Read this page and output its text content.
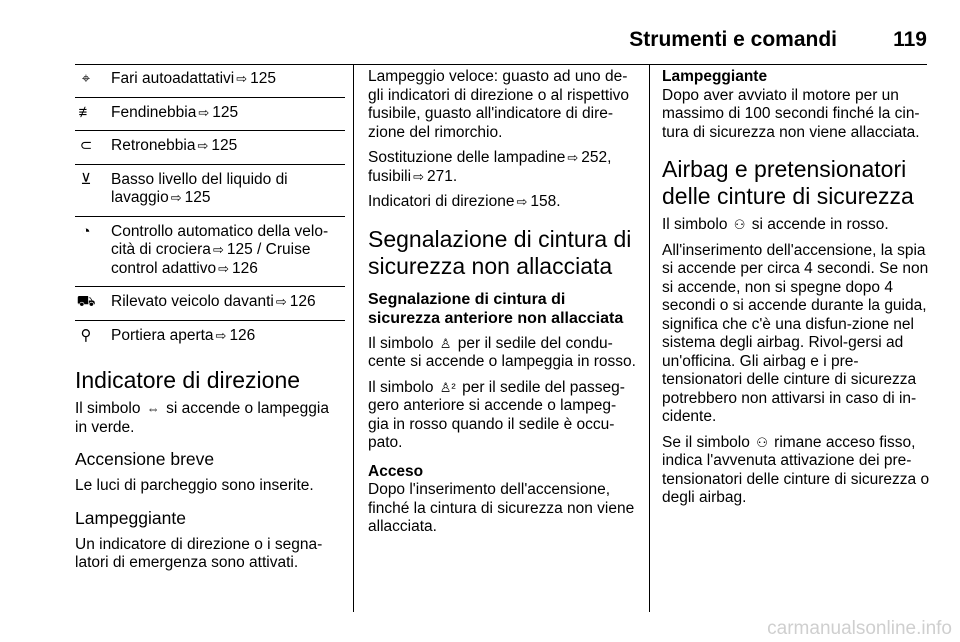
Strumenti e comandi	119
⌖	Fari autoadattativi ⇨ 125
≢ Fendinebbia ⇨ 125
⊂	Retronebbia ⇨ 125
⊻	Basso livello del liquido di lavaggio ⇨ 125
◔	Controllo automatico della velo-cità di crociera ⇨ 125 / Cruise control adattivo ⇨ 126
⛟ Rilevato veicolo davanti ⇨ 126
⚲	Portiera aperta ⇨ 126
Indicatore di direzione

Il simbolo ⇔ si accende o lampeggia in verde.

Accensione breve

Le luci di parcheggio sono inserite.

Lampeggiante

Un indicatore di direzione o i segna-latori di emergenza sono attivati.

Lampeggio veloce: guasto ad uno de-gli indicatori di direzione o al rispettivo fusibile, guasto all'indicatore di dire-zione del rimorchio.

Sostituzione delle lampadine ⇨ 252, fusibili ⇨ 271.

Indicatori di direzione ⇨ 158.

Segnalazione di cintura di sicurezza non allacciata
Segnalazione di cintura di sicurezza anteriore non allacciata

Il simbolo ♙ per il sedile del condu-cente si accende o lampeggia in rosso.

Il simbolo ♙² per il sedile del passeg-gero anteriore si accende o lampeg-gia in rosso quando il sedile è occu-pato.

Acceso

Dopo l'inserimento dell'accensione, finché la cintura di sicurezza non viene allacciata.

Lampeggiante

Dopo aver avviato il motore per un massimo di 100 secondi finché la cin-tura di sicurezza non viene allacciata.

Airbag e pretensionatori delle cinture di sicurezza

Il simbolo ⚇ si accende in rosso.

All'inserimento dell'accensione, la spia si accende per circa 4 secondi. Se non si accende, non si spegne dopo 4 secondi o si accende durante la guida, significa che c'è una disfun-zione nel sistema degli airbag. Rivol-gersi ad un'officina. Gli airbag e i pre-tensionatori delle cinture di sicurezza potrebbero non attivarsi in caso di in-cidente.

Se il simbolo ⚇ rimane acceso fisso, indica l'avvenuta attivazione dei pre-tensionatori delle cinture di sicurezza o degli airbag.

carmanualsonline.info
